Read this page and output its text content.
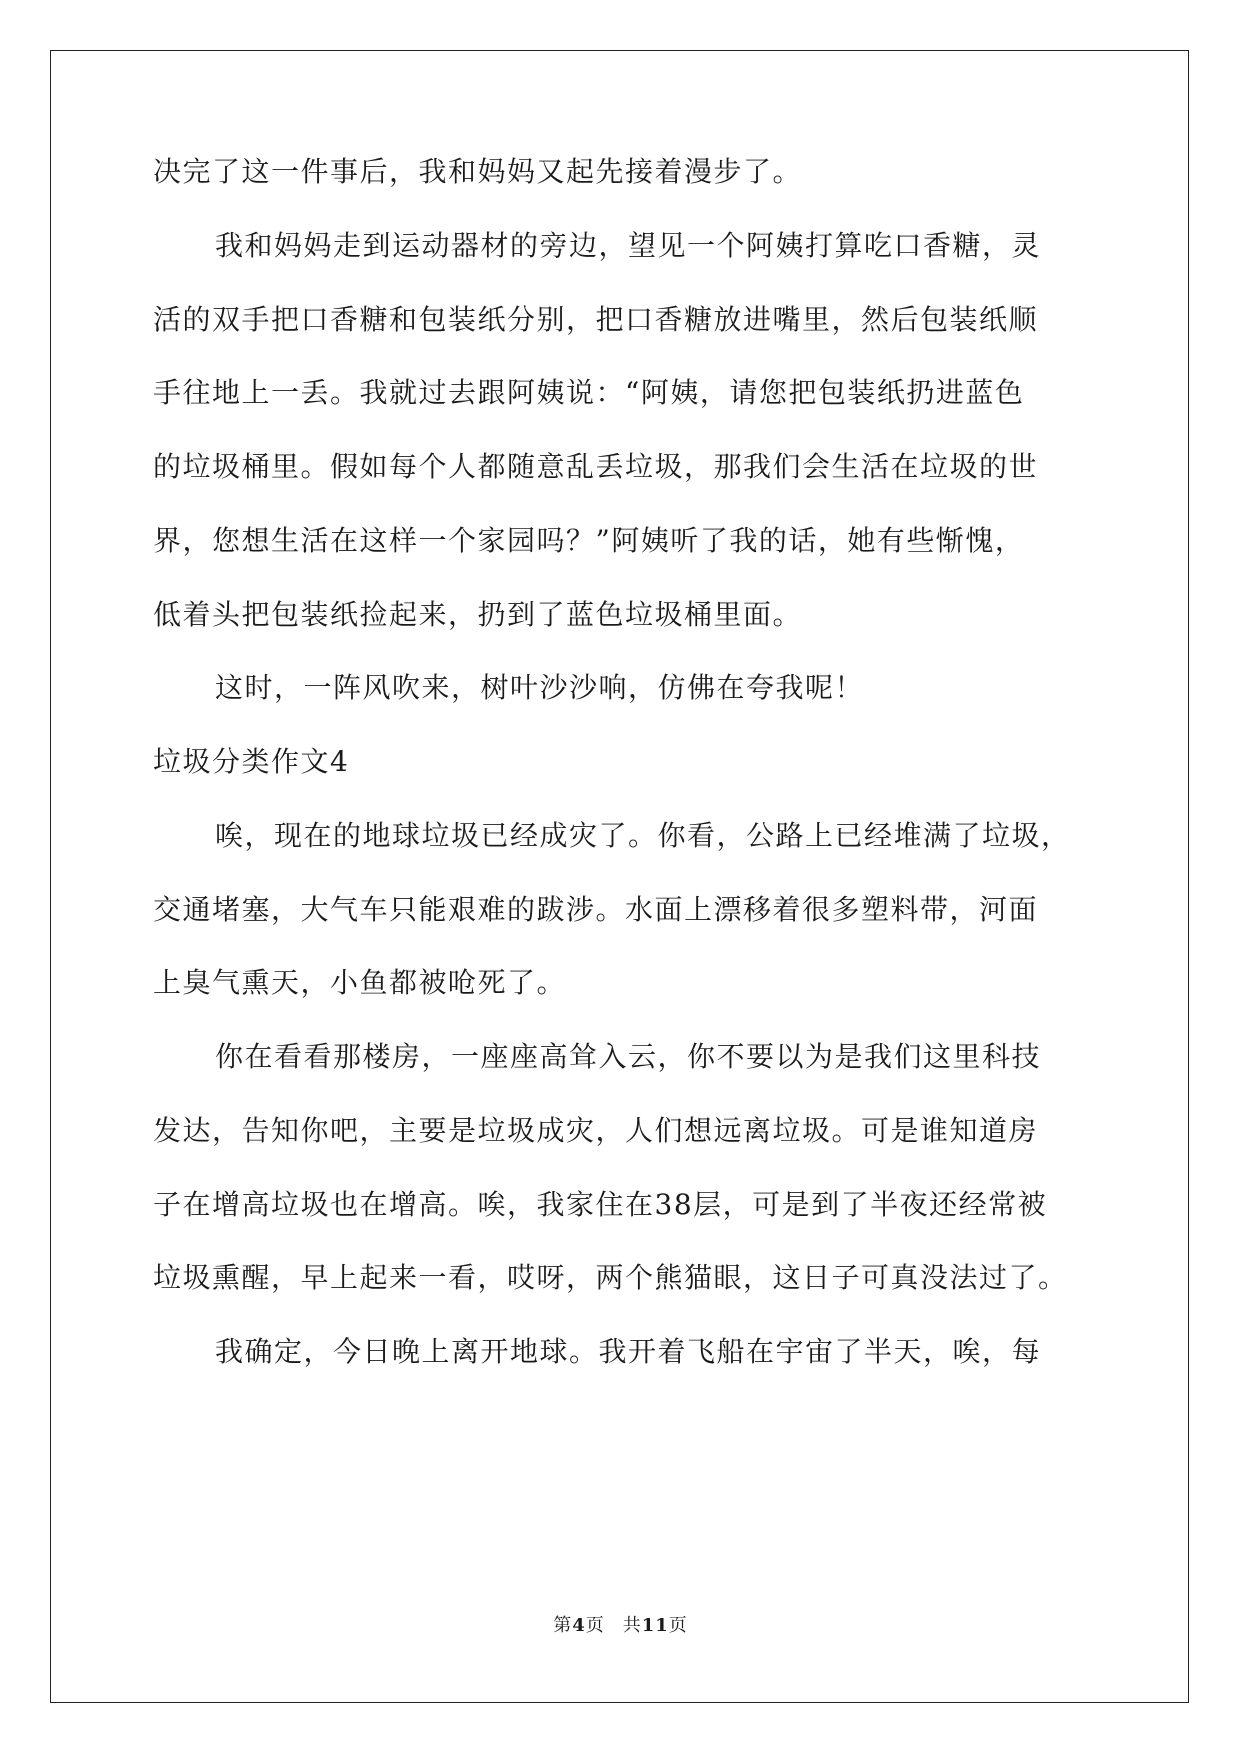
决完了这一件事后，我和妈妈又起先接着漫步了。
我和妈妈走到运动器材的旁边，望见一个阿姨打算吃口香糖，灵
活的双手把口香糖和包装纸分别，把口香糖放进嘴里，然后包装纸顺
手往地上一丢。我就过去跟阿姨说：“阿姨，请您把包装纸扔进蓝色
的垃圾桶里。假如每个人都随意乱丢垃圾，那我们会生活在垃圾的世
界，您想生活在这样一个家园吗？”阿姨听了我的话，她有些惭愧，
低着头把包装纸捡起来，扔到了蓝色垃圾桶里面。
这时，一阵风吹来，树叶沙沙响，仿佛在夸我呢！
垃圾分类作文4
唉，现在的地球垃圾已经成灾了。你看，公路上已经堆满了垃圾，
交通堵塞，大气车只能艰难的跋涉。水面上漂移着很多塑料带，河面
上臭气熏天，小鱼都被呛死了。
你在看看那楼房，一座座高耸入云，你不要以为是我们这里科技
发达，告知你吧，主要是垃圾成灾，人们想远离垃圾。可是谁知道房
子在增高垃圾也在增高。唉，我家住在38层，可是到了半夜还经常被
垃圾熏醒，早上起来一看，哎呀，两个熊猫眼，这日子可真没法过了。
我确定，今日晚上离开地球。我开着飞船在宇宙了半天，唉，每
第4页 共11页
